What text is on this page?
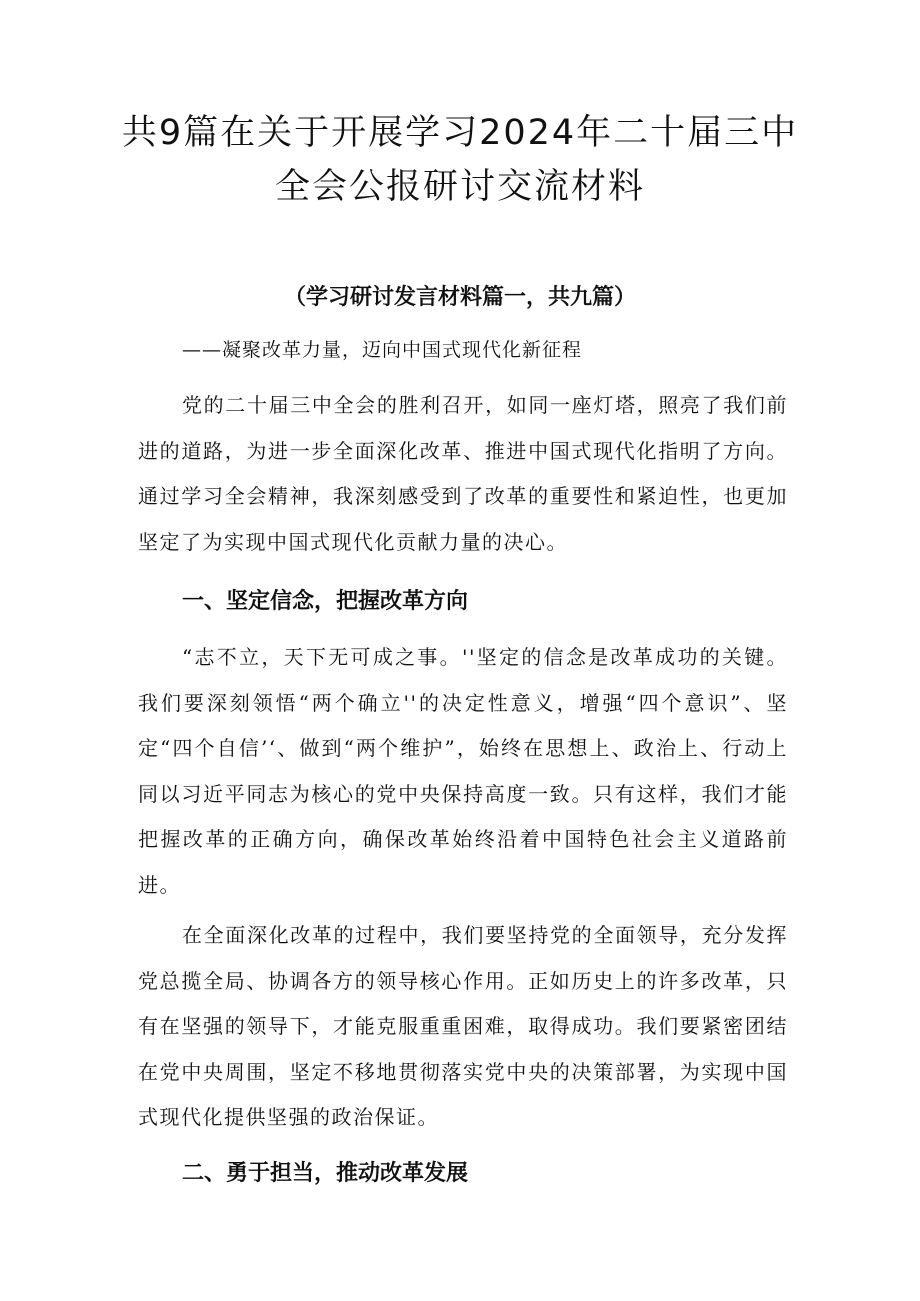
共9篇在关于开展学习2024年二十届三中
全会公报研讨交流材料
（学习研讨发言材料篇一，共九篇）

——凝聚改革力量，迈向中国式现代化新征程

党的二十届三中全会的胜利召开，如同一座灯塔，照亮了我们前进的道路，为进一步全面深化改革、推进中国式现代化指明了方向。通过学习全会精神，我深刻感受到了改革的重要性和紧迫性，也更加坚定了为实现中国式现代化贡献力量的决心。

一、坚定信念，把握改革方向

“志不立，天下无可成之事。''坚定的信念是改革成功的关键。我们要深刻领悟“两个确立''的决定性意义，增强“四个意识”、坚定“四个自信’‘、做到“两个维护”，始终在思想上、政治上、行动上同以习近平同志为核心的党中央保持高度一致。只有这样，我们才能把握改革的正确方向，确保改革始终沿着中国特色社会主义道路前进。

在全面深化改革的过程中，我们要坚持党的全面领导，充分发挥党总揽全局、协调各方的领导核心作用。正如历史上的许多改革，只有在坚强的领导下，才能克服重重困难，取得成功。我们要紧密团结在党中央周围，坚定不移地贯彻落实党中央的决策部署，为实现中国式现代化提供坚强的政治保证。

二、勇于担当，推动改革发展
